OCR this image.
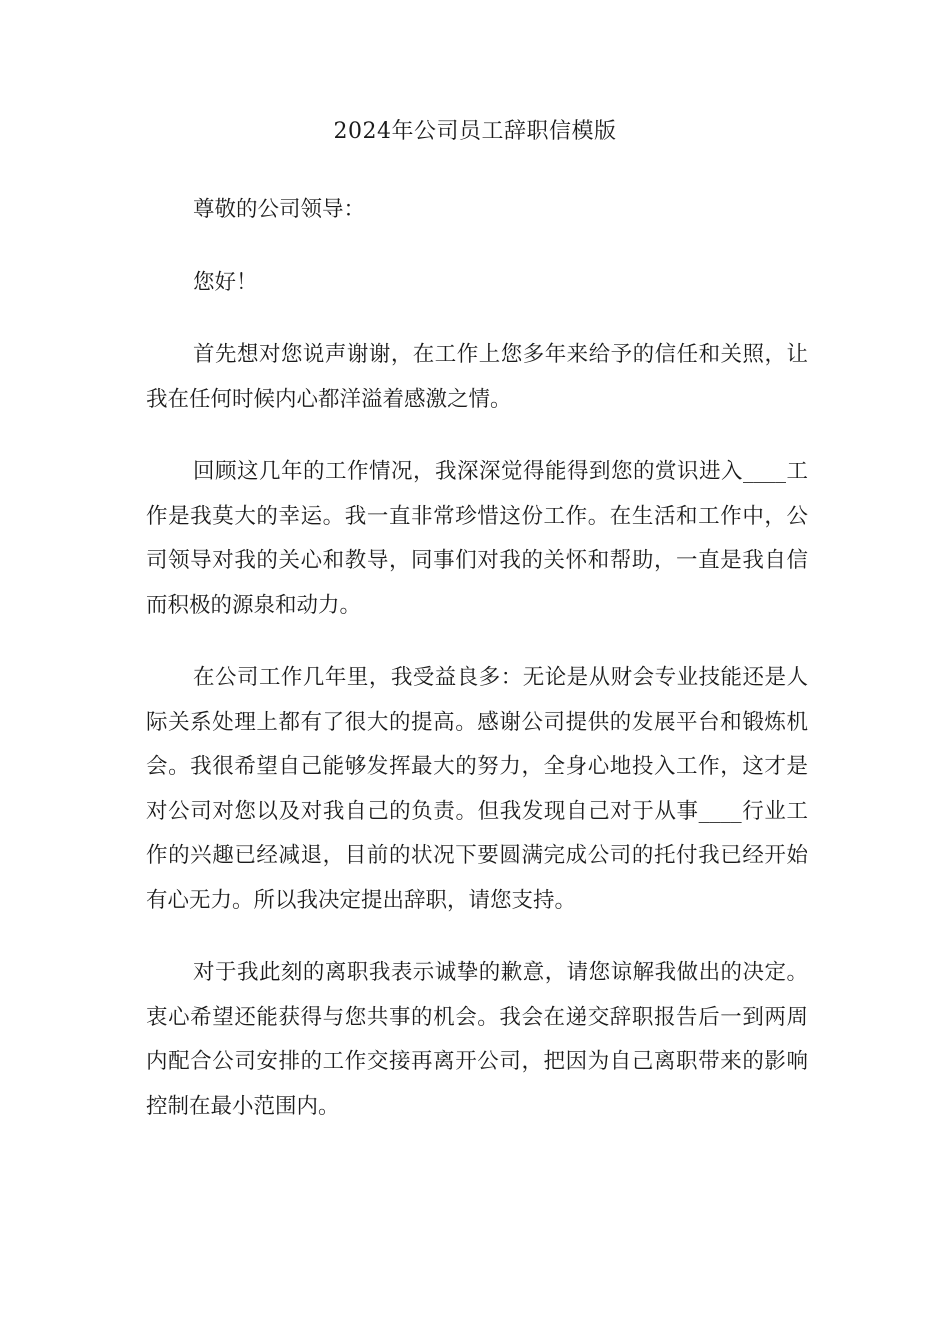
2024年公司员工辞职信模版

尊敬的公司领导：

您好！

首先想对您说声谢谢，在工作上您多年来给予的信任和关照，让我在任何时候内心都洋溢着感激之情。

回顾这几年的工作情况，我深深觉得能得到您的赏识进入____工作是我莫大的幸运。我一直非常珍惜这份工作。在生活和工作中，公司领导对我的关心和教导，同事们对我的关怀和帮助，一直是我自信而积极的源泉和动力。

在公司工作几年里，我受益良多：无论是从财会专业技能还是人际关系处理上都有了很大的提高。感谢公司提供的发展平台和锻炼机会。我很希望自己能够发挥最大的努力，全身心地投入工作，这才是对公司对您以及对我自己的负责。但我发现自己对于从事____行业工作的兴趣已经减退，目前的状况下要圆满完成公司的托付我已经开始有心无力。所以我决定提出辞职，请您支持。

对于我此刻的离职我表示诚挚的歉意，请您谅解我做出的决定。衷心希望还能获得与您共事的机会。我会在递交辞职报告后一到两周内配合公司安排的工作交接再离开公司，把因为自己离职带来的影响控制在最小范围内。
